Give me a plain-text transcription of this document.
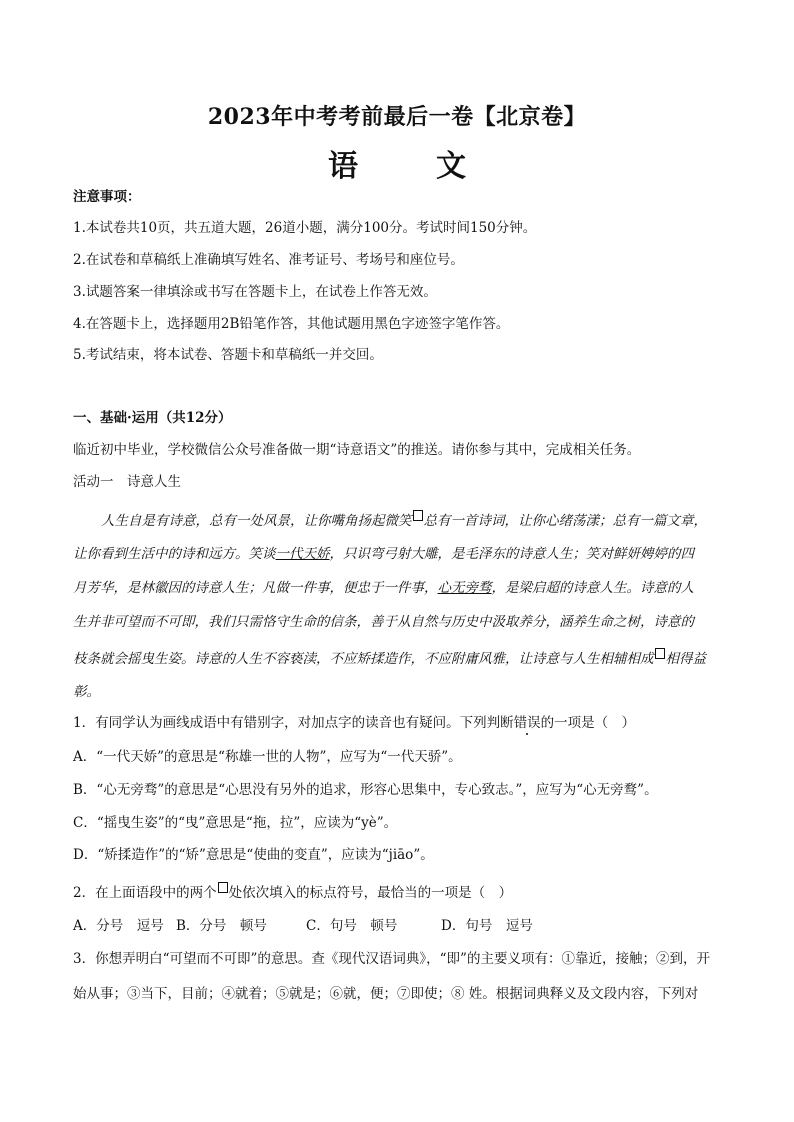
2023年中考考前最后一卷【北京卷】
语　文
注意事项：
1.本试卷共10页，共五道大题，26道小题，满分100分。考试时间150分钟。
2.在试卷和草稿纸上准确填写姓名、准考证号、考场号和座位号。
3.试题答案一律填涂或书写在答题卡上，在试卷上作答无效。
4.在答题卡上，选择题用2B铅笔作答，其他试题用黑色字迹签字笔作答。
5.考试结束，将本试卷、答题卡和草稿纸一并交回。
一、基础·运用（共12分）
临近初中毕业，学校微信公众号准备做一期“诗意语文”的推送。请你参与其中，完成相关任务。
活动一　诗意人生
人生自是有诗意，总有一处风景，让你嘴角扬起微笑 总有一首诗词，让你心绪荡漾；总有一篇文章，
让你看到生活中的诗和远方。笑谈一代天娇，只识弯弓射大雕，是毛泽东的诗意人生；笑对鲜妍娉婷的四
月芳华，是林徽因的诗意人生；凡做一件事，便忠于一件事，心无旁骛，是梁启超的诗意人生。诗意的人
生并非可望而不可即，我们只需恪守生命的信条，善于从自然与历史中汲取养分，涵养生命之树，诗意的
枝条就会摇曳生姿。诗意的人生不容亵渎，不应矫揉造作，不应附庸风雅，让诗意与人生相辅相成 相得益
彰。
1．有同学认为画线成语中有错别字，对加点字的读音也有疑问。下列判断错误的一项是（　）
A．“一代天娇”的意思是“称雄一世的人物”，应写为“一代天骄”。
B．“心无旁骛”的意思是“心思没有另外的追求，形容心思集中，专心致志。”，应写为“心无旁鹜”。
C．“摇曳生姿”的“曳”意思是“拖，拉”，应读为“yè”。
D．“矫揉造作”的“矫”意思是“使曲的变直”，应读为“jiāo”。
2．在上面语段中的两个 处依次填入的标点符号，最恰当的一项是（　）
A．分号　逗号 B．分号　顿号	C．句号　顿号	D．句号　逗号
3．你想弄明白“可望而不可即”的意思。查《现代汉语词典》，“即”的主要义项有：①靠近，接触；②到，开
始从事；③当下，目前；④就着；⑤就是；⑥就，便；⑦即使；⑧ 姓。根据词典释义及文段内容，下列对
